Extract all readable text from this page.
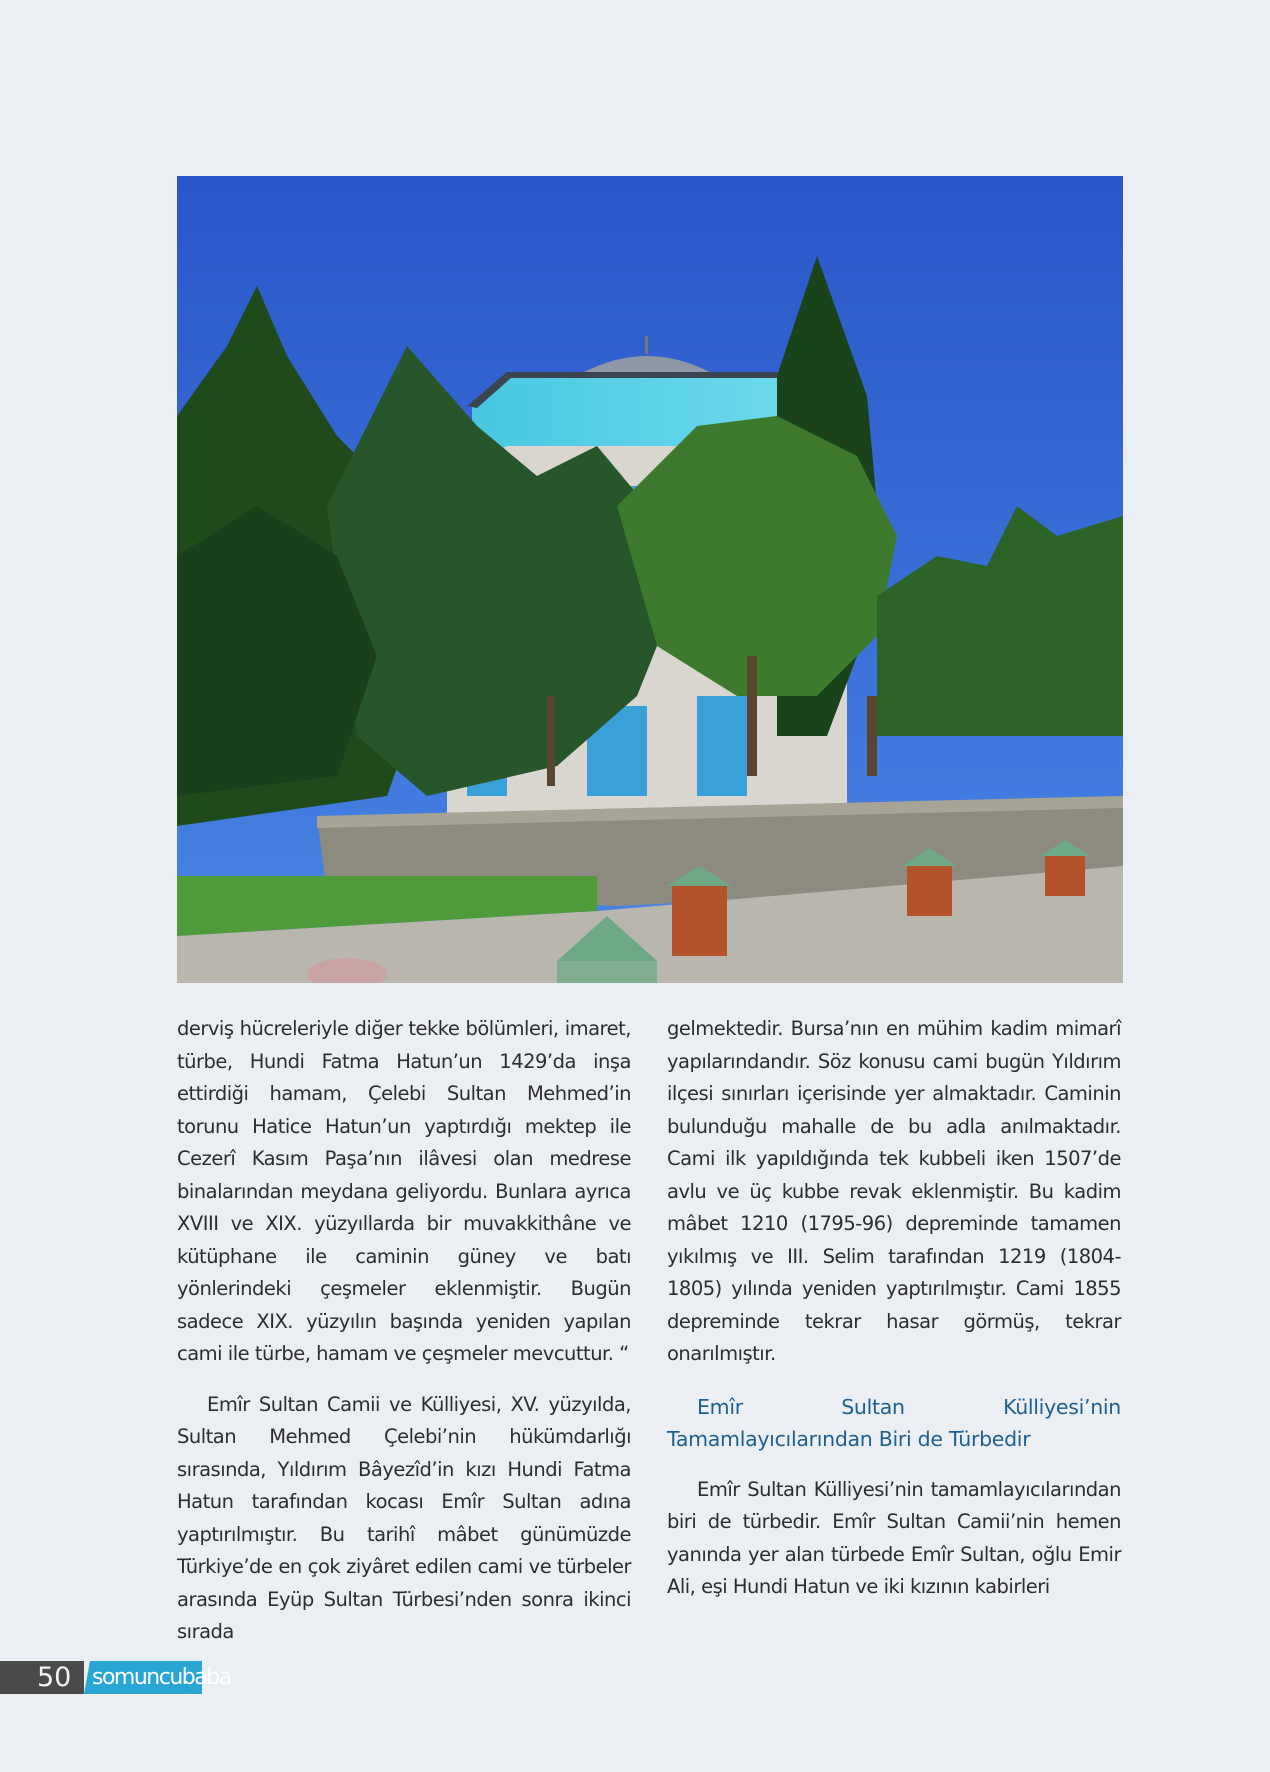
derviş hücreleriyle diğer tekke bölümleri, imaret, türbe, Hundi Fatma Hatun’un 1429’da inşa ettirdiği hamam, Çelebi Sultan Mehmed’in torunu Hatice Hatun’un yaptırdığı mektep ile Cezerî Kasım Paşa’nın ilâvesi olan medrese binalarından meydana geliyordu. Bunlara ayrıca XVIII ve XIX. yüzyıllarda bir muvakkithâne ve kütüphane ile caminin güney ve batı yönlerindeki çeşmeler eklenmiştir. Bugün sadece XIX. yüzyılın başında yeniden yapılan cami ile türbe, hamam ve çeşmeler mevcuttur. “

Emîr Sultan Camii ve Külliyesi, XV. yüzyılda, Sultan Mehmed Çelebi’nin hükümdarlığı sırasında, Yıldırım Bâyezîd’in kızı Hundi Fatma Hatun tarafından kocası Emîr Sultan adına yaptırılmıştır. Bu tarihî mâbet günümüzde Türkiye’de en çok ziyâret edilen cami ve türbeler arasında Eyüp Sultan Türbesi’nden sonra ikinci sırada

gelmektedir. Bursa’nın en mühim kadim mimarî yapılarındandır. Söz konusu cami bugün Yıldırım ilçesi sınırları içerisinde yer almaktadır. Caminin bulunduğu mahalle de bu adla anılmaktadır. Cami ilk yapıldığında tek kubbeli iken 1507’de avlu ve üç kubbe revak eklenmiştir. Bu kadim mâbet 1210 (1795-96) depreminde tamamen yıkılmış ve III. Selim tarafından 1219 (1804-1805) yılında yeniden yaptırılmıştır. Cami 1855 depreminde tekrar hasar görmüş, tekrar onarılmıştır.

Emîr Sultan Külliyesi’nin Tamamlayıcılarından Biri de Türbedir

Emîr Sultan Külliyesi’nin tamamlayıcılarından biri de türbedir. Emîr Sultan Camii’nin hemen yanında yer alan türbede Emîr Sultan, oğlu Emir Ali, eşi Hundi Hatun ve iki kızının kabirleri

50 somuncubaba
